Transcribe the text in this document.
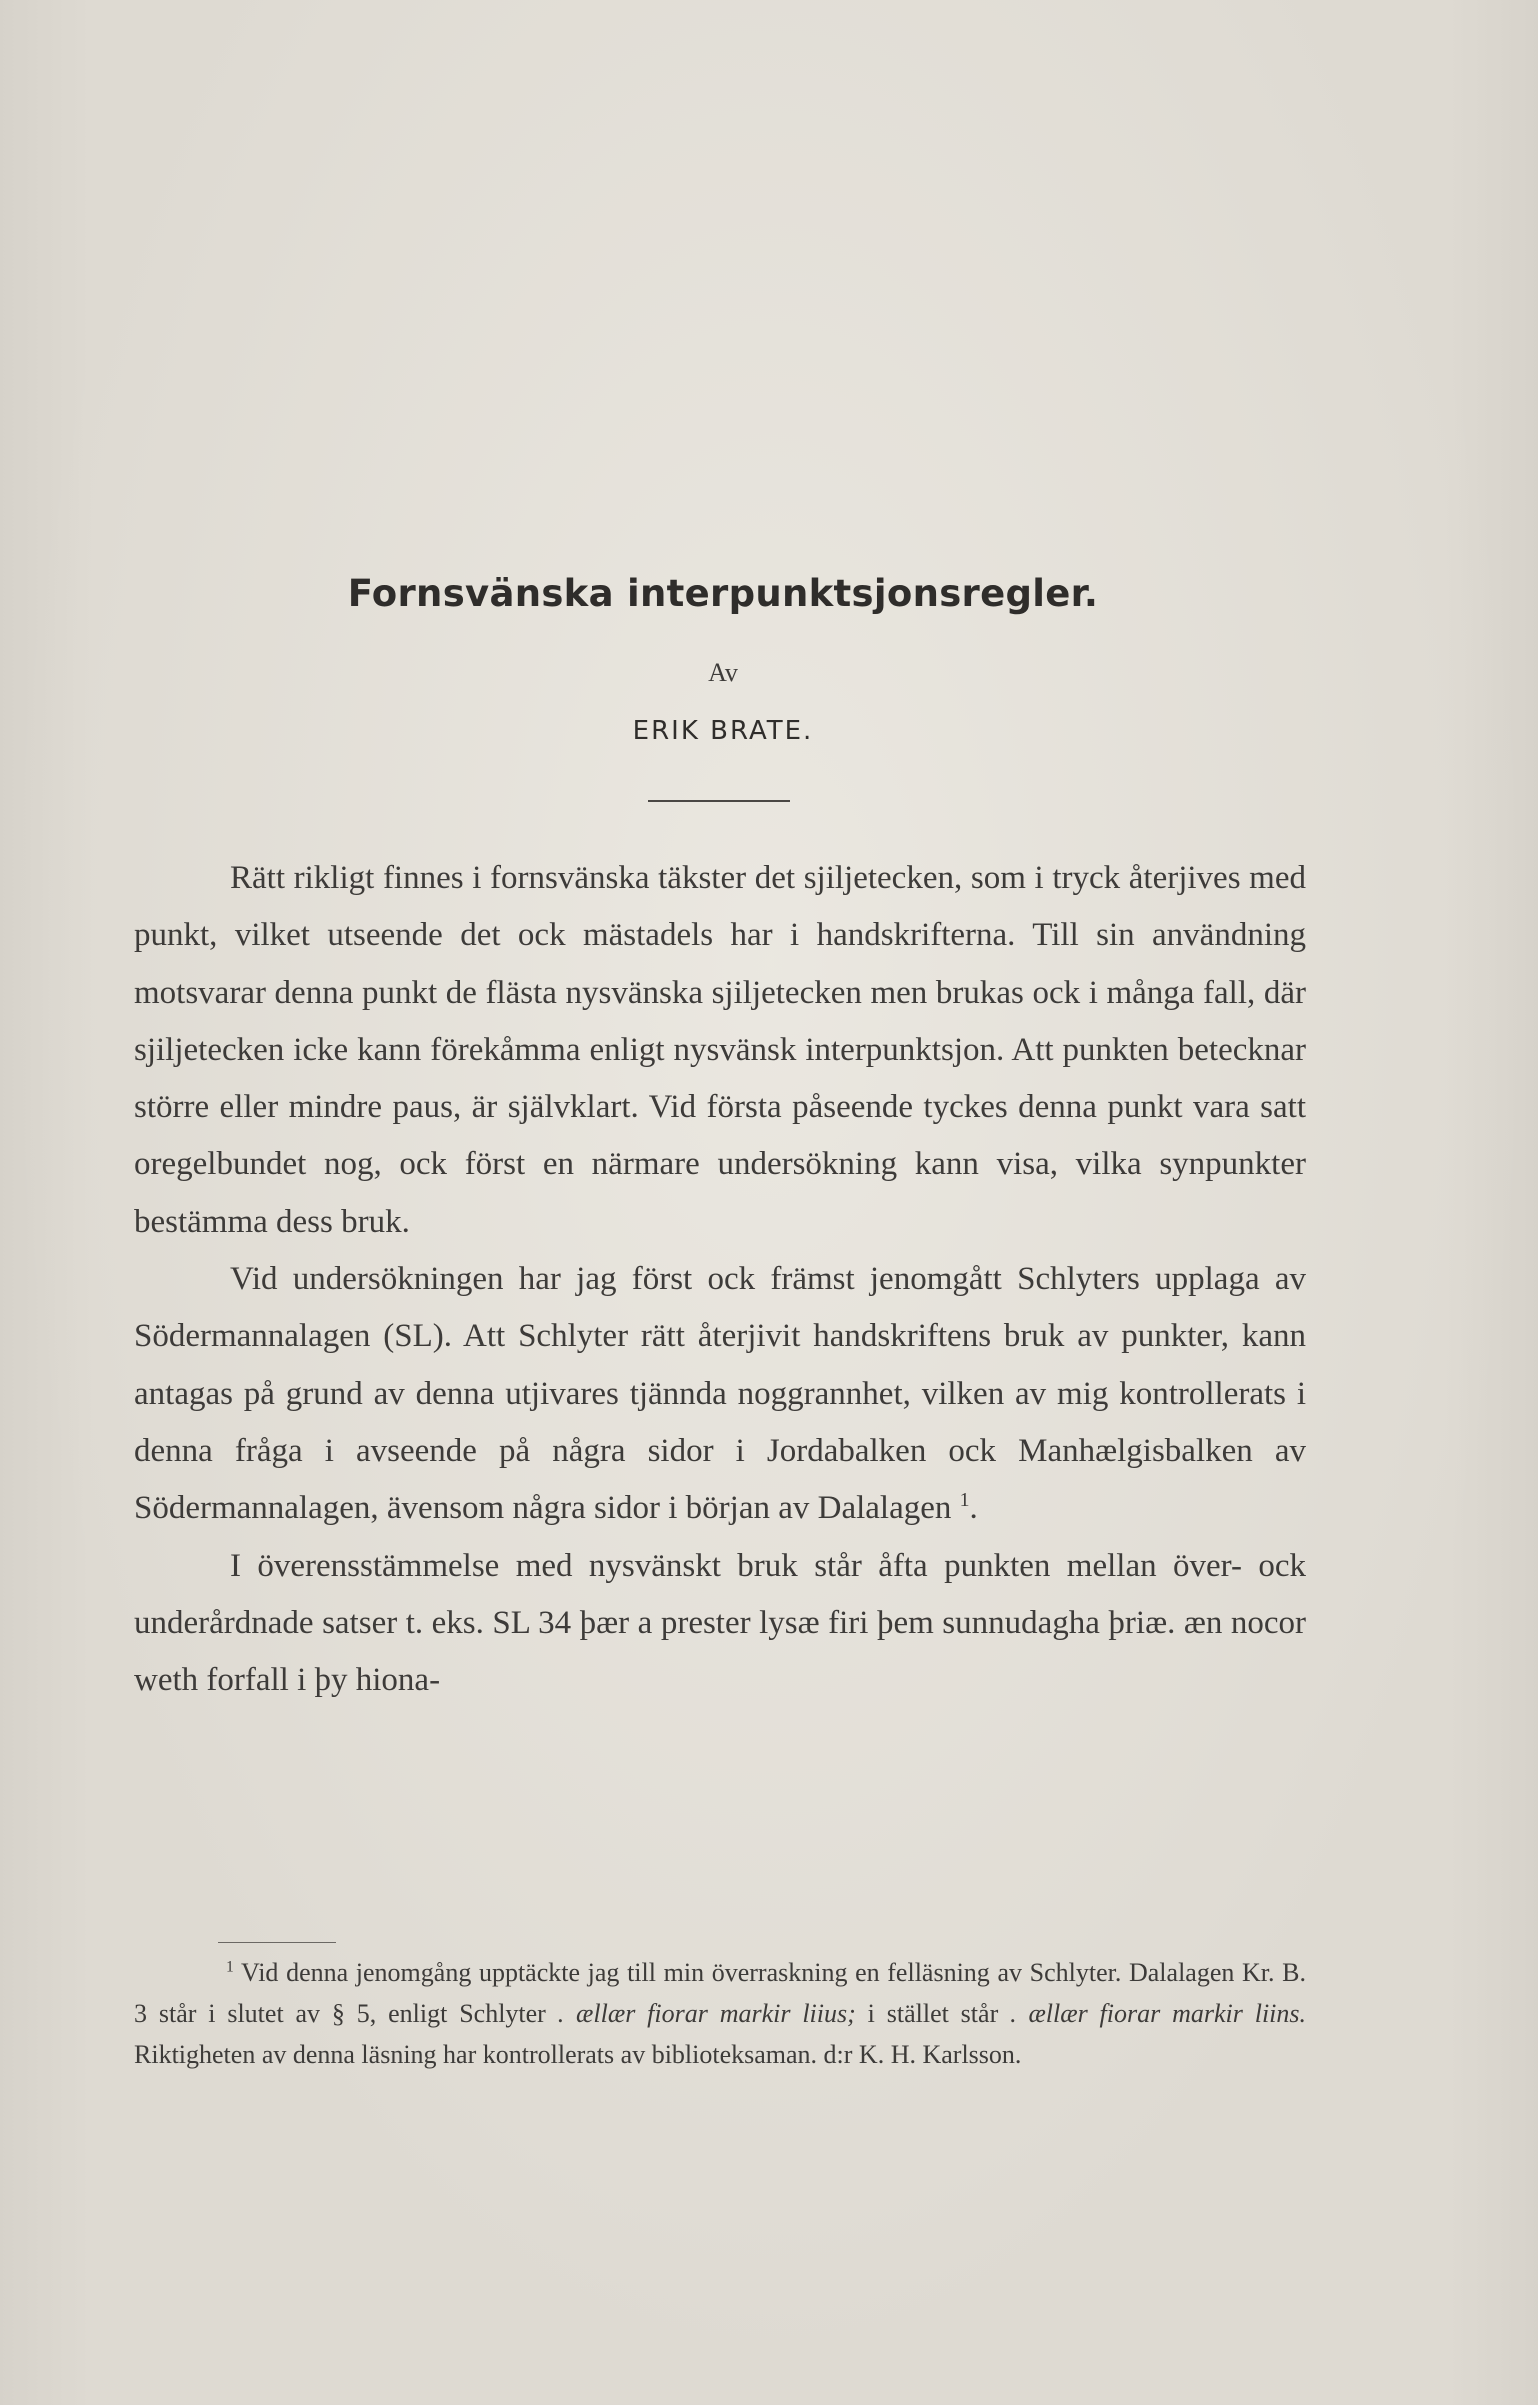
Fornsvänska interpunktsjonsregler.
Av
ERIK BRATE.

Rätt rikligt finnes i fornsvänska täkster det sjiljetecken, som i tryck återjives med punkt, vilket utseende det ock mästadels har i handskrifterna. Till sin användning motsvarar denna punkt de flästa nysvänska sjiljetecken men brukas ock i många fall, där sjiljetecken icke kann förekåmma enligt nysvänsk interpunktsjon. Att punkten betecknar större eller mindre paus, är självklart. Vid första påseende tyckes denna punkt vara satt oregelbundet nog, ock först en närmare undersökning kann visa, vilka synpunkter bestämma dess bruk.

Vid undersökningen har jag först ock främst jenomgått Schlyters upplaga av Södermannalagen (SL). Att Schlyter rätt återjivit handskriftens bruk av punkter, kann antagas på grund av denna utjivares tjännda noggrannhet, vilken av mig kontrollerats i denna fråga i avseende på några sidor i Jordabalken ock Manhælgisbalken av Södermannalagen, ävensom några sidor i början av Dalalagen $^1$.

I överensstämmelse med nysvänskt bruk står åfta punkten mellan över- ock underårdnade satser t. eks. SL 34 þær a prester lysæ firi þem sunnudagha þriæ. æn nocor weth forfall i þy hiona-

$^1$ Vid denna jenomgång upptäckte jag till min överraskning en felläsning av Schlyter. Dalalagen Kr. B. 3 står i slutet av § 5, enligt Schlyter . ællær fiorar markir liius; i stället står . ællær fiorar markir liins. Riktigheten av denna läsning har kontrollerats av biblioteksaman. d:r K. H. Karlsson.
